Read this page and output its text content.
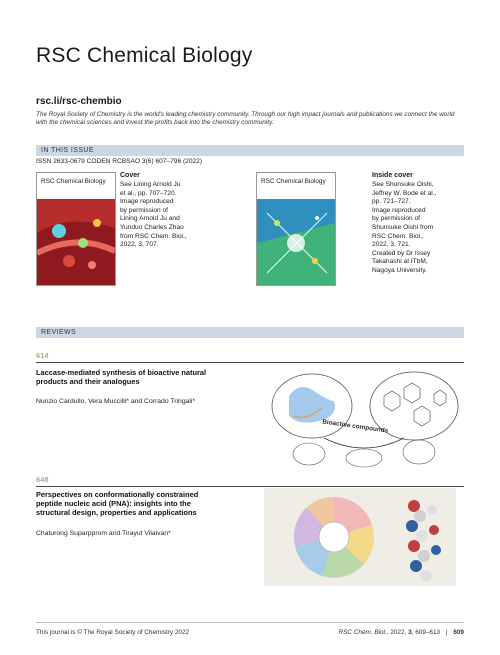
RSC Chemical Biology
rsc.li/rsc-chembio
The Royal Society of Chemistry is the world's leading chemistry community. Through our high impact journals and publications we connect the world with the chemical sciences and invest the profits back into the chemistry community.
IN THIS ISSUE
ISSN 2633-0679 CODEN RCBSAO 3(6) 607–796 (2022)
RSC Chemical Biology
Cover
See Lining Arnold Ju
et al., pp. 707–720.
Image reproduced
by permission of
Lining Arnold Ju and
Yunduo Charles Zhao
from RSC Chem. Biol.,
2022, 3, 707.
RSC Chemical Biology
Inside cover
See Shunsuke Oishi,
Jeffrey W. Bode et al.,
pp. 721–727.
Image reproduced
by permission of
Shunsuke Oishi from
RSC Chem. Biol.,
2022, 3, 721.
Created by Dr Issey
Takahashi at ITbM,
Nagoya University.
REVIEWS
614
Laccase-mediated synthesis of bioactive natural
products and their analogues
Nunzio Cardullo, Vera Muccilli* and Corrado Tringali*
Bioactive compounds
648
Perspectives on conformationally constrained
peptide nucleic acid (PNA): insights into the
structural design, properties and applications
Chaturong Suparpprom and Tirayut Vilaivan*
This journal is © The Royal Society of Chemistry 2022	RSC Chem. Biol., 2022, 3, 609–613 | 609
